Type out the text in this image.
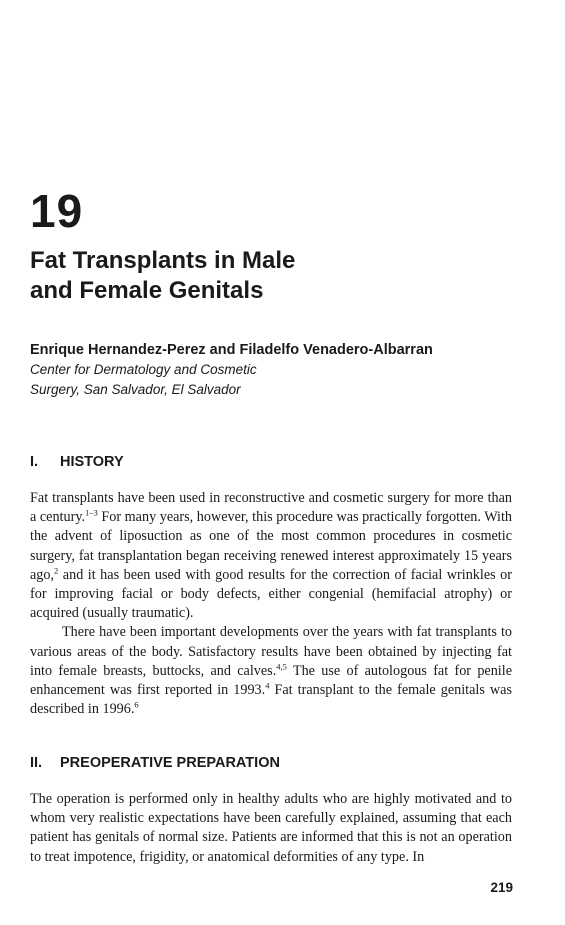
19
Fat Transplants in Male
and Female Genitals
Enrique Hernandez-Perez and Filadelfo Venadero-Albarran
Center for Dermatology and Cosmetic
Surgery, San Salvador, El Salvador
I. HISTORY

Fat transplants have been used in reconstructive and cosmetic surgery for more than a century.$^{1-3}$ For many years, however, this procedure was practically forgotten. With the advent of liposuction as one of the most common procedures in cosmetic surgery, fat transplantation began receiving renewed interest approximately 15 years ago,$^2$ and it has been used with good results for the correction of facial wrinkles or for improving facial or body defects, either congenial (hemifacial atrophy) or acquired (usually traumatic).

There have been important developments over the years with fat transplants to various areas of the body. Satisfactory results have been obtained by injecting fat into female breasts, buttocks, and calves.$^{4,5}$ The use of autologous fat for penile enhancement was first reported in 1993.$^4$ Fat transplant to the female genitals was described in 1996.$^6$

II. PREOPERATIVE PREPARATION

The operation is performed only in healthy adults who are highly motivated and to whom very realistic expectations have been carefully explained, assuming that each patient has genitals of normal size. Patients are informed that this is not an operation to treat impotence, frigidity, or anatomical deformities of any type. In

219
